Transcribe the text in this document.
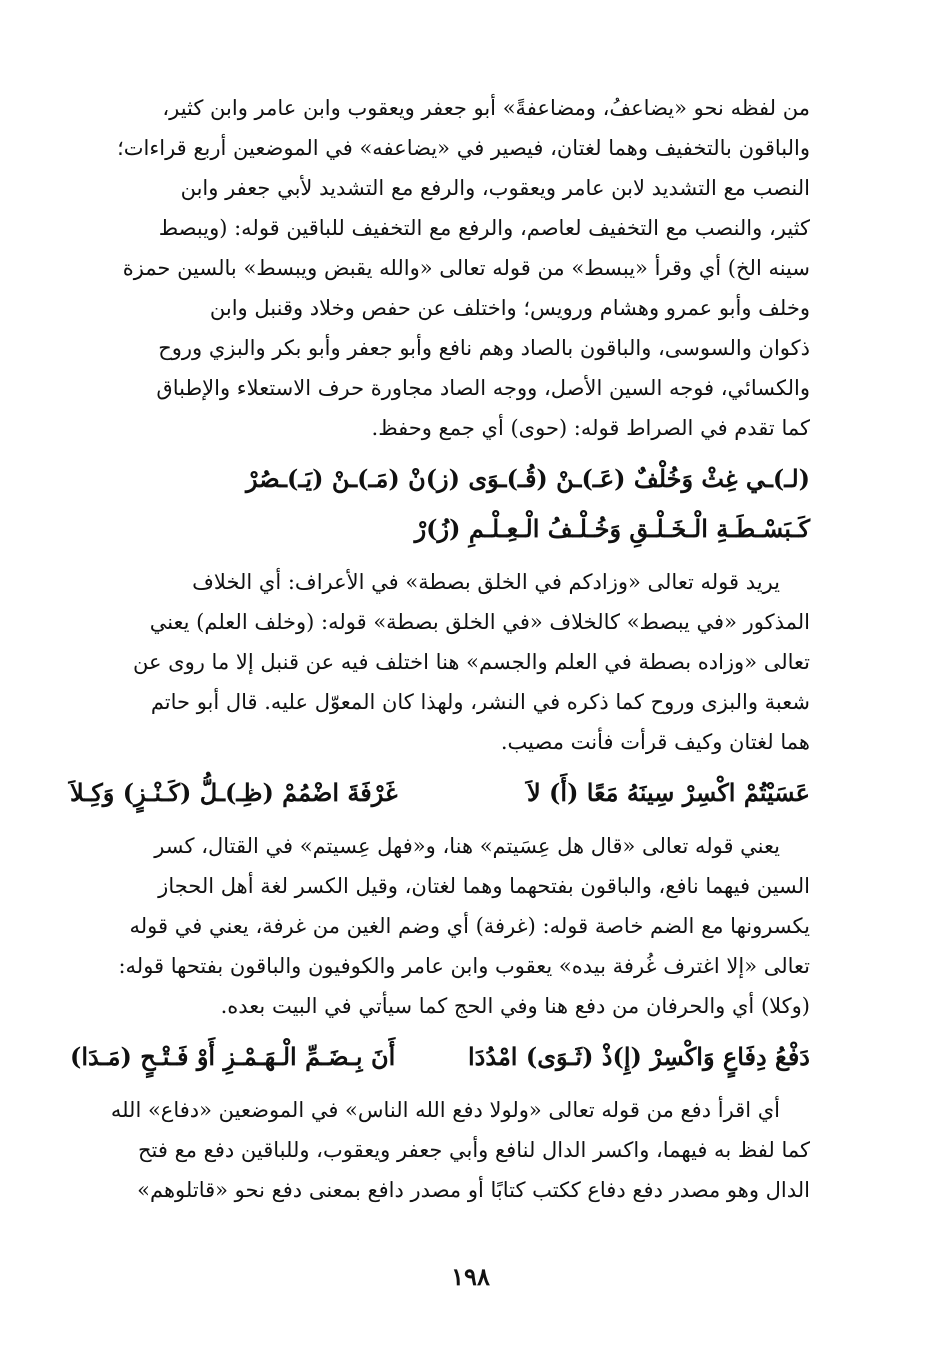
من لفظه نحو «يضاعفُ، ومضاعفةً» أبو جعفر ويعقوب وابن عامر وابن كثير،

والباقون بالتخفيف وهما لغتان، فيصير في «يضاعفه» في الموضعين أربع قراءات؛

النصب مع التشديد لابن عامر ويعقوب، والرفع مع التشديد لأبي جعفر وابن

كثير، والنصب مع التخفيف لعاصم، والرفع مع التخفيف للباقين قوله: (ويبصط

سينه الخ) أي وقرأ «يبسط» من قوله تعالى «والله يقبض ويبسط» بالسين حمزة

وخلف وأبو عمرو وهشام ورويس؛ واختلف عن حفص وخلاد وقنبل وابن

ذكوان والسوسى، والباقون بالصاد وهم نافع وأبو جعفر وأبو بكر والبزي وروح

والكسائي، فوجه السين الأصل، ووجه الصاد مجاورة حرف الاستعلاء والإطباق

كما تقدم في الصراط قوله: (حوى) أي جمع وحفظ.

(لـ)ـي غِثْ وَخُلْفٌ (عَـ)ـنْ (قُـ)ـوَى (ز)نْ (مَـ)ـنْ (يَـ)ـصُرْ

كَـبَسْـطَـةِ الْـخَـلْـقِ وَخُـلْـفُ الْـعِـلْـمِ (زُ)رْ

يريد قوله تعالى «وزادكم في الخلق بصطة» في الأعراف: أي الخلاف

المذكور «في يبصط» كالخلاف «في الخلق بصطة» قوله: (وخلف العلم) يعني

تعالى «وزاده بصطة في العلم والجسم» هنا اختلف فيه عن قنبل إلا ما روى عن

شعبة والبزى وروح كما ذكره في النشر، ولهذا كان المعوّل عليه. قال أبو حاتم

هما لغتان وكيف قرأت فأنت مصيب.

عَسَيْتُمْ اكْسِرْ سِينَهُ مَعًا (أَ) لاَ
غَرْفَةَ اضْمُمْ (ظِـ)ـلُّ (كَـنْـزٍ) وَكِـلاَ

يعني قوله تعالى «قال هل عِسَيتم» هنا، و«فهل عِسيتم» في القتال، كسر

السين فيهما نافع، والباقون بفتحهما وهما لغتان، وقيل الكسر لغة أهل الحجاز

يكسرونها مع الضم خاصة قوله: (غرفة) أي وضم الغين من غرفة، يعني في قوله

تعالى «إلا اغترف غُرفة بيده» يعقوب وابن عامر والكوفيون والباقون بفتحها قوله:

(وكلا) أي والحرفان من دفع هنا وفي الحج كما سيأتي في البيت بعده.

دَفْعُ دِفَاعٍ وَاكْسِرْ (إِ)ذْ (ثَـوَى) امْدُدَا
أَنَ بِـضَـمِّ الْـهَـمْـزِ أَوْ فَـتْـحٍ (مَـدَا)

أي اقرأ دفع من قوله تعالى «ولولا دفع الله الناس» في الموضعين «دفاع» الله

كما لفظ به فيهما، واكسر الدال لنافع وأبي جعفر ويعقوب، وللباقين دفع مع فتح

الدال وهو مصدر دفع دفاع ككتب كتابًا أو مصدر دافع بمعنى دفع نحو «قاتلوهم»

١٩٨
